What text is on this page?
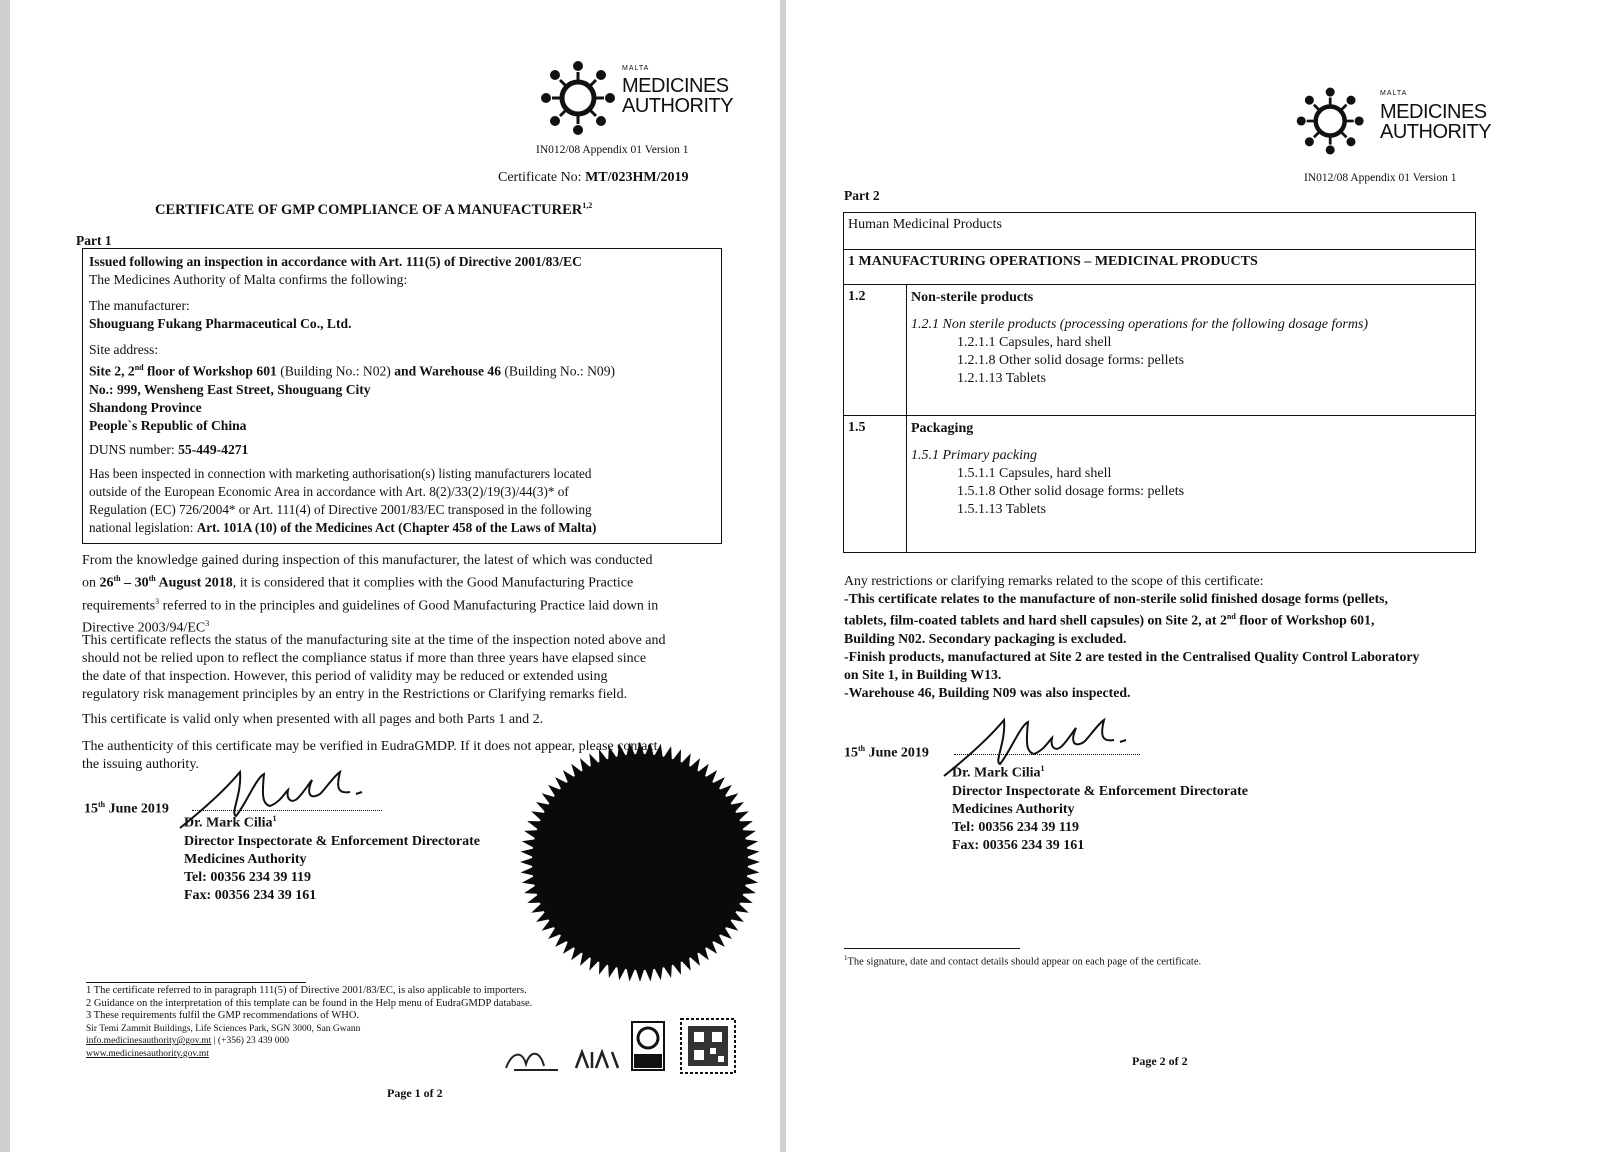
MALTA
MEDICINES
AUTHORITY
IN012/08 Appendix 01 Version 1
Certificate No: MT/023HM/2019
CERTIFICATE OF GMP COMPLIANCE OF A MANUFACTURER$^{1,2}$
Part 1

Issued following an inspection in accordance with Art. 111(5) of Directive 2001/83/EC

The Medicines Authority of Malta confirms the following:

The manufacturer:

Shouguang Fukang Pharmaceutical Co., Ltd.

Site address:

Site 2, 2nd floor of Workshop 601 (Building No.: N02) and Warehouse 46 (Building No.: N09)

No.: 999, Wensheng East Street, Shouguang City

Shandong Province

People`s Republic of China

DUNS number: 55-449-4271

Has been inspected in connection with marketing authorisation(s) listing manufacturers located

outside of the European Economic Area in accordance with Art. 8(2)/33(2)/19(3)/44(3)* of

Regulation (EC) 726/2004* or Art. 111(4) of Directive 2001/83/EC transposed in the following

national legislation: Art. 101A (10) of the Medicines Act (Chapter 458 of the Laws of Malta)

From the knowledge gained during inspection of this manufacturer, the latest of which was conducted
on 26th – 30th August 2018, it is considered that it complies with the Good Manufacturing Practice
requirements$^3$ referred to in the principles and guidelines of Good Manufacturing Practice laid down in
Directive $2003/94/EC^3$
This certificate reflects the status of the manufacturing site at the time of the inspection noted above and
should not be relied upon to reflect the compliance status if more than three years have elapsed since
the date of that inspection. However, this period of validity may be reduced or extended using
regulatory risk management principles by an entry in the Restrictions or Clarifying remarks field.
This certificate is valid only when presented with all pages and both Parts 1 and 2.
The authenticity of this certificate may be verified in EudraGMDP. If it does not appear, please contact
the issuing authority.
15th June 2019
Dr. Mark Cilia$^1$
Director Inspectorate & Enforcement Directorate
Medicines Authority
Tel: 00356 234 39 119
Fax: 00356 234 39 161
1 The certificate referred to in paragraph 111(5) of Directive 2001/83/EC, is also applicable to importers.
2 Guidance on the interpretation of this template can be found in the Help menu of EudraGMDP database.
3 These requirements fulfil the GMP recommendations of WHO.
Sir Temi Zammit Buildings, Life Sciences Park, SGN 3000, San Gwann
info.medicinesauthority@gov.mt | (+356) 23 439 000
www.medicinesauthority.gov.mt
Page 1 of 2
MALTA
MEDICINES
AUTHORITY
IN012/08 Appendix 01 Version 1
Part 2
Human Medicinal Products	
1 MANUFACTURING OPERATIONS – MEDICINAL PRODUCTS	
1.2	Non-sterile products
1.2.1 Non sterile products (processing operations for the following dosage forms)
1.2.1.1 Capsules, hard shell
1.2.1.8 Other solid dosage forms: pellets
1.2.1.13 Tablets

1.5	Packaging
1.5.1 Primary packing
1.5.1.1 Capsules, hard shell
1.5.1.8 Other solid dosage forms: pellets
1.5.1.13 Tablets
Any restrictions or clarifying remarks related to the scope of this certificate:
-This certificate relates to the manufacture of non-sterile solid finished dosage forms (pellets,
tablets, film-coated tablets and hard shell capsules) on Site 2, at 2nd floor of Workshop 601,
Building N02. Secondary packaging is excluded.
-Finish products, manufactured at Site 2 are tested in the Centralised Quality Control Laboratory
on Site 1, in Building W13.
-Warehouse 46, Building N09 was also inspected.
15th June 2019
Dr. Mark Cilia$^1$
Director Inspectorate & Enforcement Directorate
Medicines Authority
Tel: 00356 234 39 119
Fax: 00356 234 39 161
$^1$The signature, date and contact details should appear on each page of the certificate.
Page 2 of 2
